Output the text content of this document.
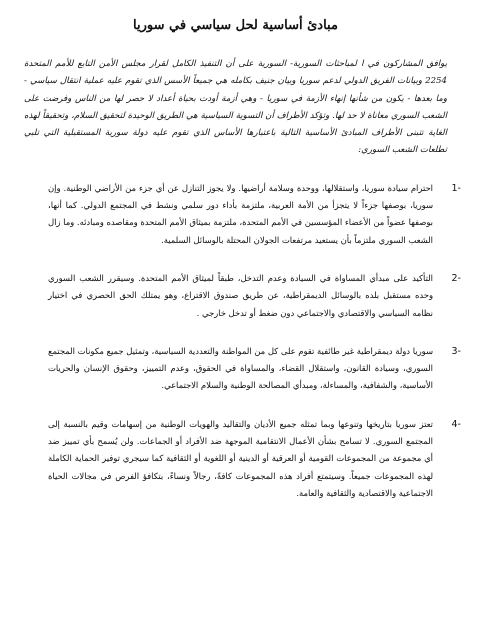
مبادئ أساسية لحل سياسي في سوريا
يوافق المشاركون في ا لمباحثات السورية- السورية على أن التنفيذ الكامل لقرار مجلس الأمن التابع للأمم المتحدة 2254 وبيانات الفريق الدولي لدعم سوريا وبيان جنيف بكامله هي جميعاً الأسس الذي تقوم عليه عملية انتقال سياسي - وما بعدها - يكون من شأنها إنهاء الأزمة في سوريا - وهي أزمة أودت بحياة أعداد لا حصر لها من الناس وفرضت على الشعب السوري معاناة لا حد لها. وتؤكد الأطراف أن التسوية السياسية هي الطريق الوحيدة لتحقيق السلام، وتحقيقاً لهذه الغاية تتبنى الأطراف المبادئ الأساسية التالية باعتبارها الأساس الذي تقوم عليه دولة سورية المستقبلية التي تلبي تطلعات الشعب السوري:
1-
احترام سيادة سوريا، واستقلالها، ووحدة وسلامة أراضيها. ولا يجوز التنازل عن أي جزء من الأراضي الوطنية. وإن سوريا، بوصفها جزءاً لا يتجزأ من الأمة العربية، ملتزمة بأداء دور سلمي ونشط في المجتمع الدولي. كما أنها، بوصفها عضواً من الأعضاء المؤسسين في الأمم المتحدة، ملتزمة بميثاق الأمم المتحدة ومقاصده ومبادئه. وما زال الشعب السوري ملتزماً بأن يستعيد مرتفعات الجولان المحتلة بالوسائل السلمية.
2-
التأكيد على مبدأي المساواة في السيادة وعدم التدخل، طبقاً لميثاق الأمم المتحدة. وسيقرر الشعب السوري وحده مستقبل بلده بالوسائل الديمقراطية، عن طريق صندوق الاقتراع، وهو يمتلك الحق الحصري في اختيار نظامه السياسي والاقتصادي والاجتماعي دون ضغط أو تدخل خارجي .
3-
سوريا دولة ديمقراطية غير طائفية تقوم على كل من المواطنة والتعددية السياسية، وتمثيل جميع مكونات المجتمع السوري، وسيادة القانون، واستقلال القضاء، والمساواة في الحقوق، وعدم التمييز، وحقوق الإنسان والحريات الأساسية، والشفافية، والمساءلة، ومبدأي المصالحة الوطنية والسلام الاجتماعي.
4-
تعتز سوريا بتاريخها وتنوعها وبما تمثله جميع الأديان والتقاليد والهويات الوطنية من إسهامات وقيم بالنسبة إلى المجتمع السوري. لا تسامح بشأن الأعمال الانتقامية الموجهة ضد الأفراد أو الجماعات. ولن يُسمح بأي تمييز ضد أي مجموعة من المجموعات القومية أو العرقية أو الدينية أو اللغوية أو الثقافية كما سيجري توفير الحماية الكاملة لهذه المجموعات جميعاً. وسيتمتع أفراد هذه المجموعات كافةً، رجالاً ونساءً، بتكافؤ الفرص في مجالات الحياة الاجتماعية والاقتصادية والثقافية والعامة.
